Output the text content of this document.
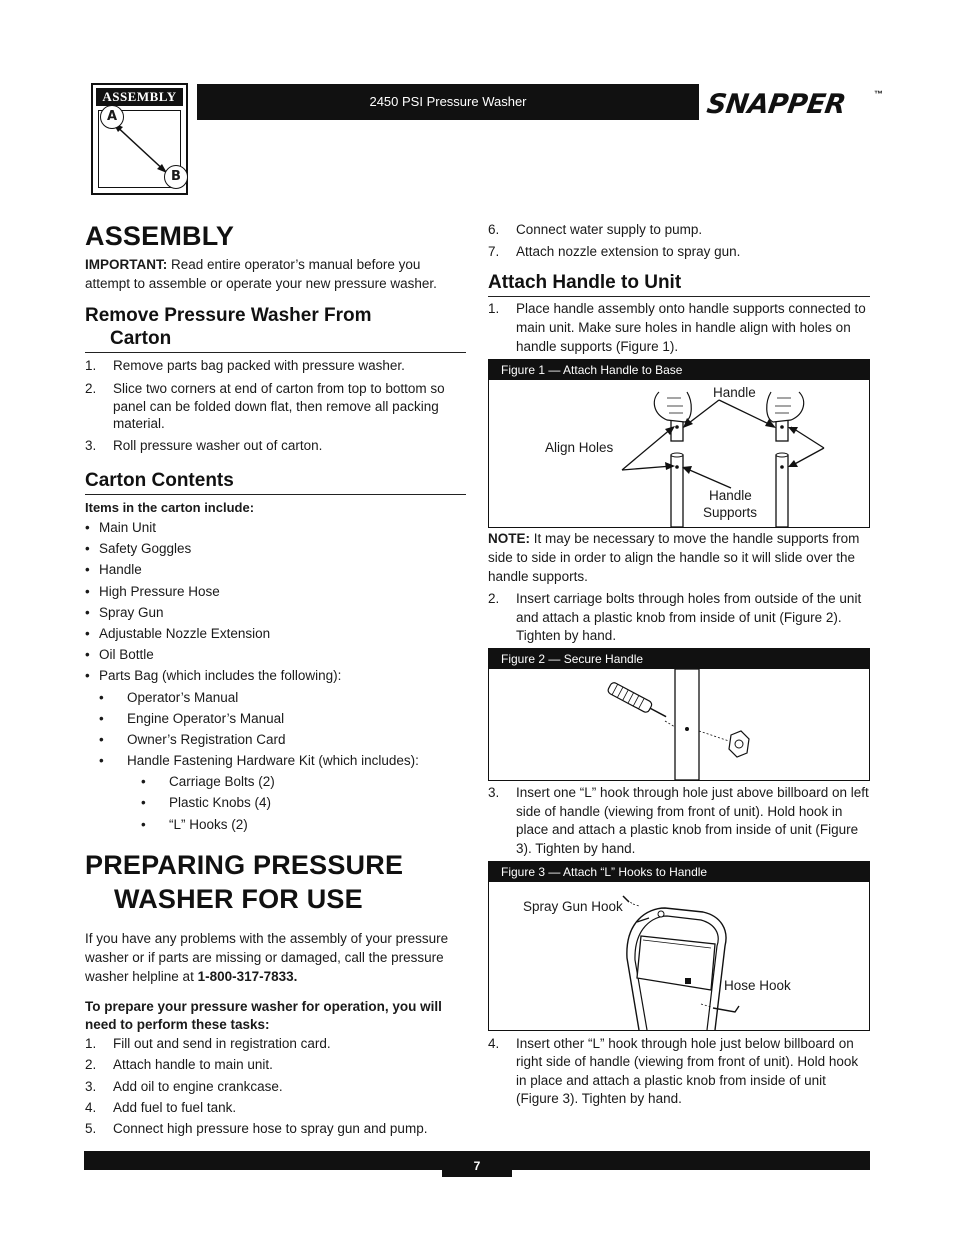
ASSEMBLY
A
B
2450 PSI Pressure Washer	SNAPPER	™
ASSEMBLY

IMPORTANT: Read entire operator’s manual before you attempt to assemble or operate your new pressure washer.

Remove Pressure Washer From
Carton
1. Remove parts bag packed with pressure washer.
2. Slice two corners at end of carton from top to bottom so panel can be folded down flat, then remove all packing material.
3. Roll pressure washer out of carton.
Carton Contents

Items in the carton include:

• Main Unit
• Safety Goggles
• Handle
• High Pressure Hose
• Spray Gun
• Adjustable Nozzle Extension
• Oil Bottle
• Parts Bag (which includes the following):
• Operator’s Manual
• Engine Operator’s Manual
• Owner’s Registration Card
• Handle Fastening Hardware Kit (which includes):
• Carriage Bolts (2)
• Plastic Knobs (4)
• “L” Hooks (2)
PREPARING PRESSURE
WASHER FOR USE

If you have any problems with the assembly of your pressure washer or if parts are missing or damaged, call the pressure washer helpline at 1-800-317-7833.

To prepare your pressure washer for operation, you will need to perform these tasks:

1. Fill out and send in registration card.
2. Attach handle to main unit.
3. Add oil to engine crankcase.
4. Add fuel to fuel tank.
5. Connect high pressure hose to spray gun and pump.
6. Connect water supply to pump.
7. Attach nozzle extension to spray gun.
Attach Handle to Unit
1. Place handle assembly onto handle supports connected to main unit. Make sure holes in handle align with holes on handle supports (Figure 1).
Figure 1 — Attach Handle to Base
Handle
Align Holes
Handle
Supports

NOTE: It may be necessary to move the handle supports from side to side in order to align the handle so it will slide over the handle supports.

2. Insert carriage bolts through holes from outside of the unit and attach a plastic knob from inside of unit (Figure 2). Tighten by hand.
Figure 2 — Secure Handle
3. Insert one “L” hook through hole just above billboard on left side of handle (viewing from front of unit). Hold hook in place and attach a plastic knob from inside of unit (Figure 3). Tighten by hand.
Figure 3 — Attach “L” Hooks to Handle
Spray Gun Hook
Hose Hook
4. Insert other “L” hook through hole just below billboard on right side of handle (viewing from front of unit). Hold hook in place and attach a plastic knob from inside of unit (Figure 3). Tighten by hand.
7
